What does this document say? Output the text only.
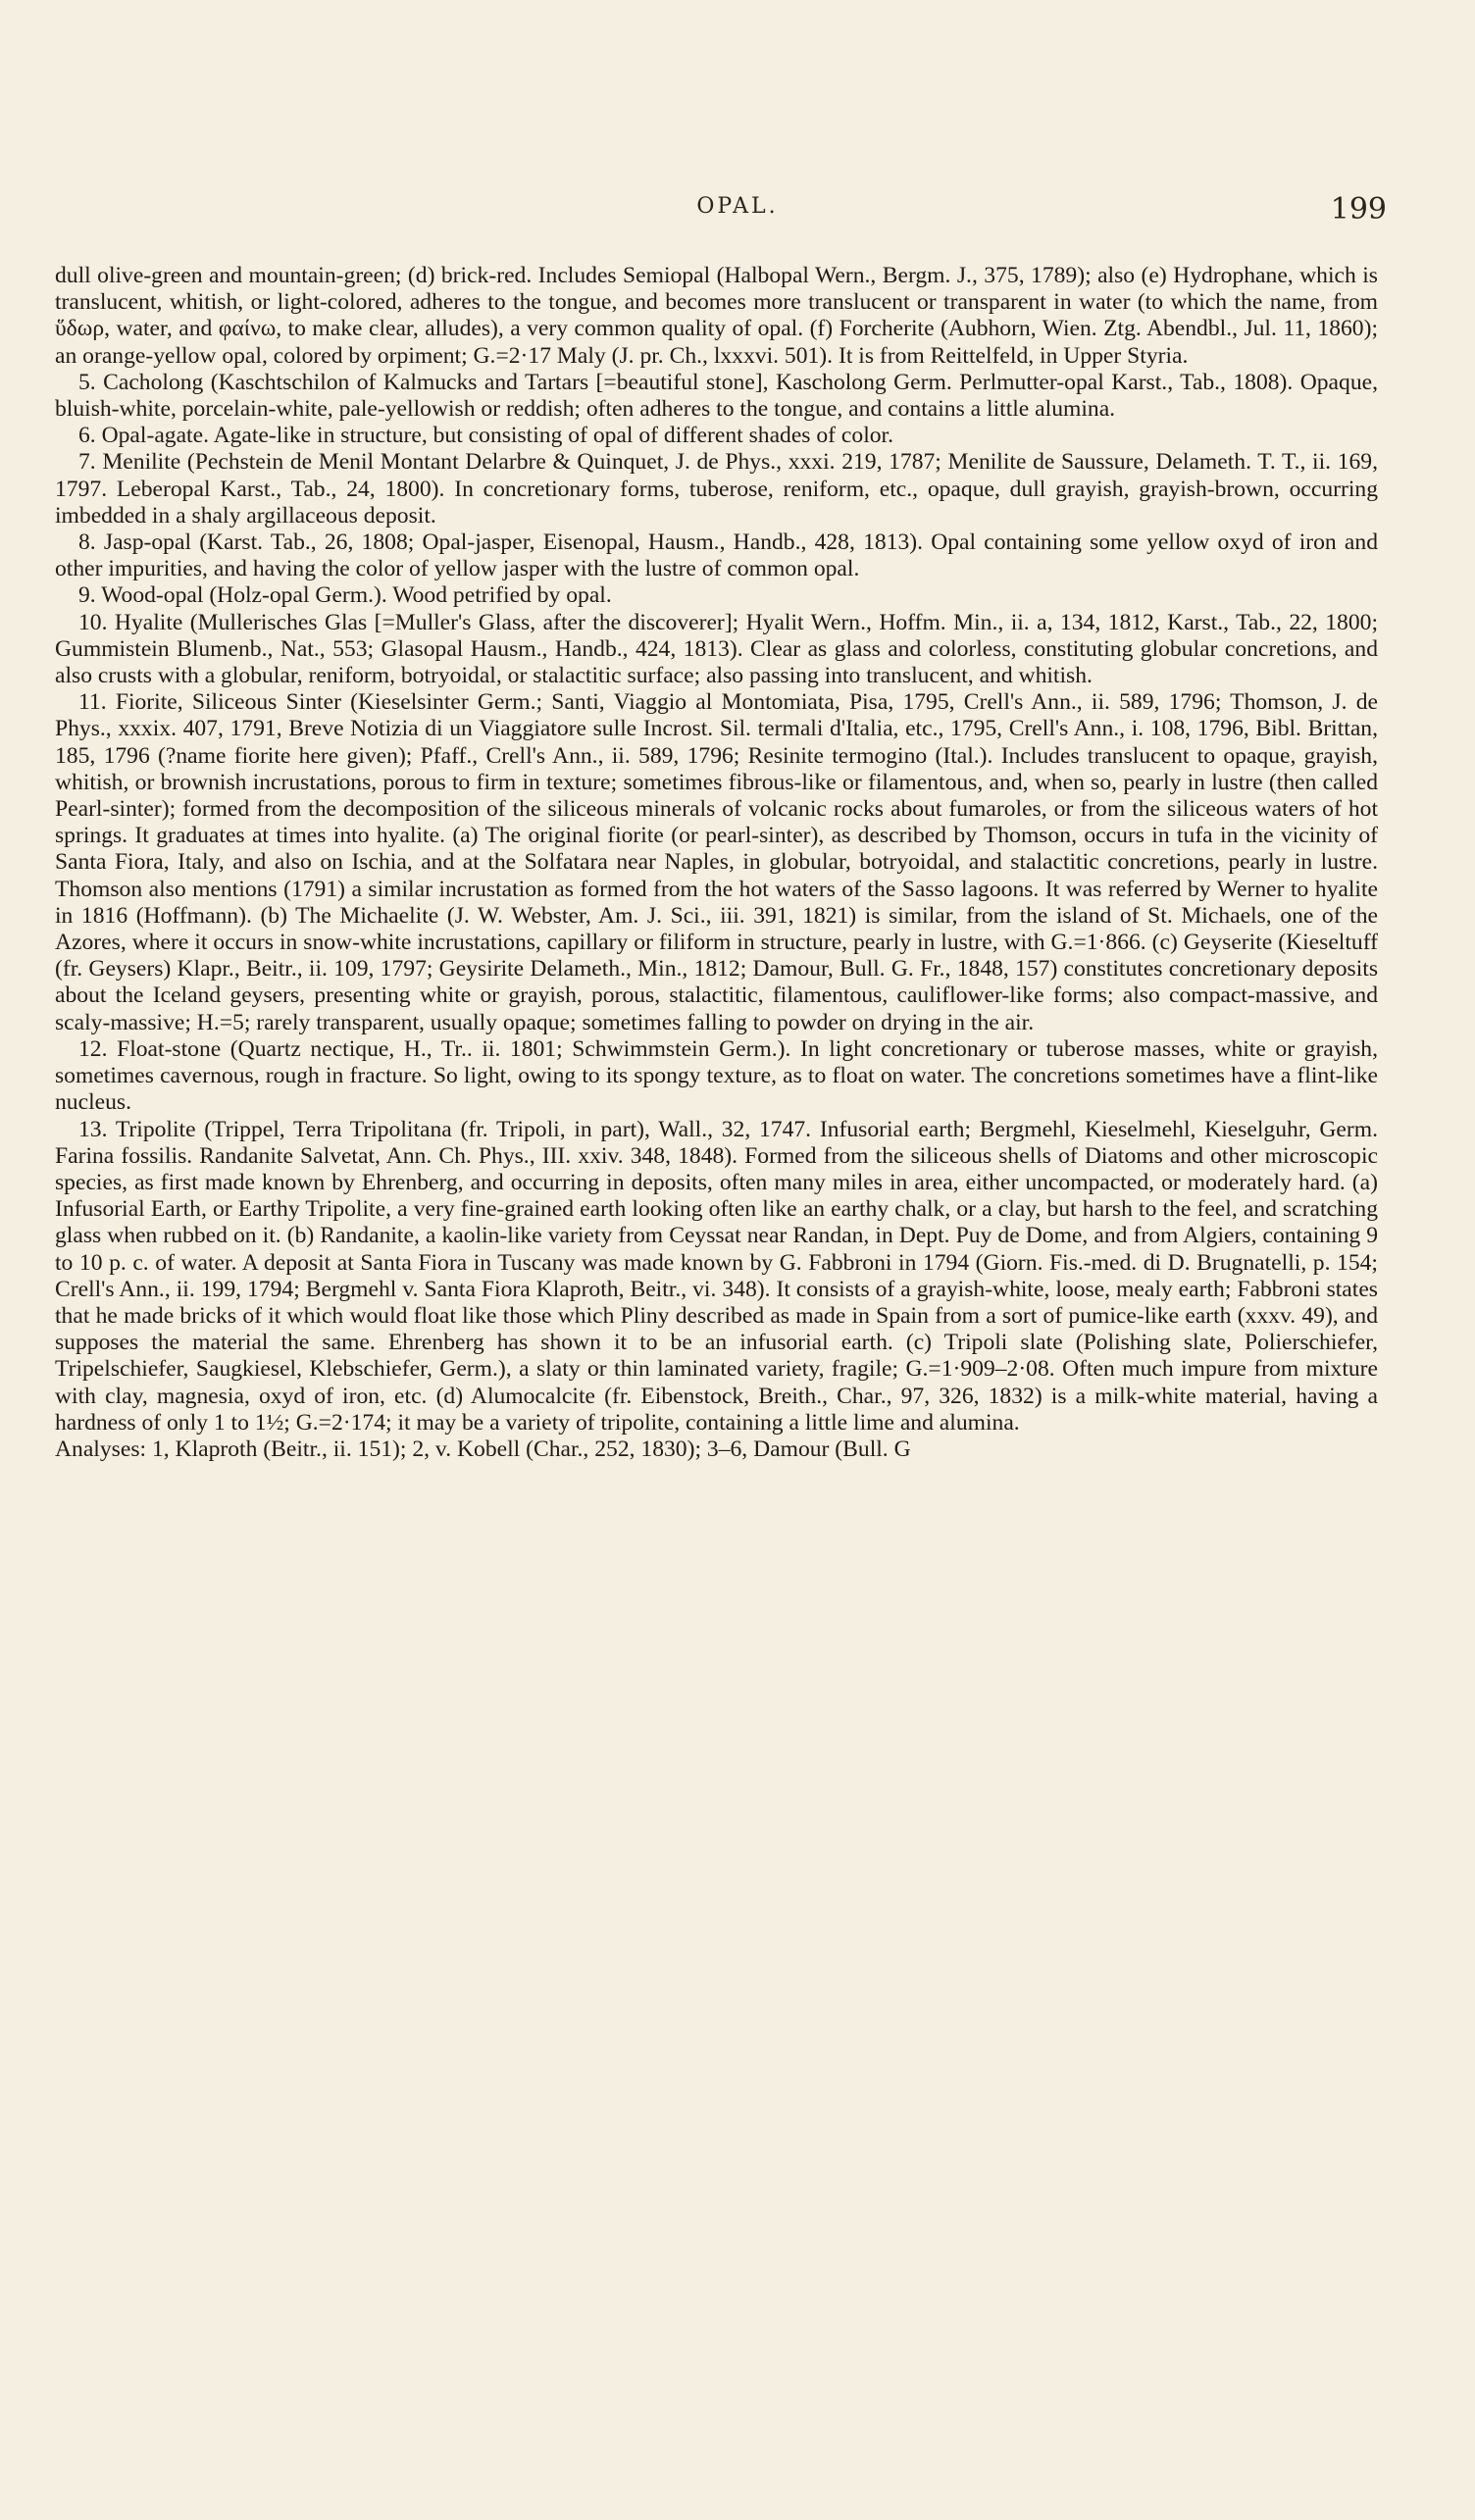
OPAL.	199

dull olive-green and mountain-green; (d) brick-red. Includes Semiopal (Halbopal Wern., Bergm. J., 375, 1789); also (e) Hydrophane, which is translucent, whitish, or light-colored, adheres to the tongue, and becomes more translucent or transparent in water (to which the name, from ὕδωρ, water, and φαίνω, to make clear, alludes), a very common quality of opal. (f) Forcherite (Aubhorn, Wien. Ztg. Abendbl., Jul. 11, 1860); an orange-yellow opal, colored by orpiment; G.=2·17 Maly (J. pr. Ch., lxxxvi. 501). It is from Reittelfeld, in Upper Styria.

5. Cacholong (Kaschtschilon of Kalmucks and Tartars [=beautiful stone], Kascholong Germ. Perlmutter-opal Karst., Tab., 1808). Opaque, bluish-white, porcelain-white, pale-yellowish or reddish; often adheres to the tongue, and contains a little alumina.

6. Opal-agate. Agate-like in structure, but consisting of opal of different shades of color.

7. Menilite (Pechstein de Menil Montant Delarbre & Quinquet, J. de Phys., xxxi. 219, 1787; Menilite de Saussure, Delameth. T. T., ii. 169, 1797. Leberopal Karst., Tab., 24, 1800). In concretionary forms, tuberose, reniform, etc., opaque, dull grayish, grayish-brown, occurring imbedded in a shaly argillaceous deposit.

8. Jasp-opal (Karst. Tab., 26, 1808; Opal-jasper, Eisenopal, Hausm., Handb., 428, 1813). Opal containing some yellow oxyd of iron and other impurities, and having the color of yellow jasper with the lustre of common opal.

9. Wood-opal (Holz-opal Germ.). Wood petrified by opal.

10. Hyalite (Mullerisches Glas [=Muller's Glass, after the discoverer]; Hyalit Wern., Hoffm. Min., ii. a, 134, 1812, Karst., Tab., 22, 1800; Gummistein Blumenb., Nat., 553; Glasopal Hausm., Handb., 424, 1813). Clear as glass and colorless, constituting globular concretions, and also crusts with a globular, reniform, botryoidal, or stalactitic surface; also passing into translucent, and whitish.

11. Fiorite, Siliceous Sinter (Kieselsinter Germ.; Santi, Viaggio al Montomiata, Pisa, 1795, Crell's Ann., ii. 589, 1796; Thomson, J. de Phys., xxxix. 407, 1791, Breve Notizia di un Viaggiatore sulle Incrost. Sil. termali d'Italia, etc., 1795, Crell's Ann., i. 108, 1796, Bibl. Brittan, 185, 1796 (?name fiorite here given); Pfaff., Crell's Ann., ii. 589, 1796; Resinite termogino (Ital.). Includes translucent to opaque, grayish, whitish, or brownish incrustations, porous to firm in texture; sometimes fibrous-like or filamentous, and, when so, pearly in lustre (then called Pearl-sinter); formed from the decomposition of the siliceous minerals of volcanic rocks about fumaroles, or from the siliceous waters of hot springs. It graduates at times into hyalite. (a) The original fiorite (or pearl-sinter), as described by Thomson, occurs in tufa in the vicinity of Santa Fiora, Italy, and also on Ischia, and at the Solfatara near Naples, in globular, botryoidal, and stalactitic concretions, pearly in lustre. Thomson also mentions (1791) a similar incrustation as formed from the hot waters of the Sasso lagoons. It was referred by Werner to hyalite in 1816 (Hoffmann). (b) The Michaelite (J. W. Webster, Am. J. Sci., iii. 391, 1821) is similar, from the island of St. Michaels, one of the Azores, where it occurs in snow-white incrustations, capillary or filiform in structure, pearly in lustre, with G.=1·866. (c) Geyserite (Kieseltuff (fr. Geysers) Klapr., Beitr., ii. 109, 1797; Geysirite Delameth., Min., 1812; Damour, Bull. G. Fr., 1848, 157) constitutes concretionary deposits about the Iceland geysers, presenting white or grayish, porous, stalactitic, filamentous, cauliflower-like forms; also compact-massive, and scaly-massive; H.=5; rarely transparent, usually opaque; sometimes falling to powder on drying in the air.

12. Float-stone (Quartz nectique, H., Tr.. ii. 1801; Schwimmstein Germ.). In light concretionary or tuberose masses, white or grayish, sometimes cavernous, rough in fracture. So light, owing to its spongy texture, as to float on water. The concretions sometimes have a flint-like nucleus.

13. Tripolite (Trippel, Terra Tripolitana (fr. Tripoli, in part), Wall., 32, 1747. Infusorial earth; Bergmehl, Kieselmehl, Kieselguhr, Germ. Farina fossilis. Randanite Salvetat, Ann. Ch. Phys., III. xxiv. 348, 1848). Formed from the siliceous shells of Diatoms and other microscopic species, as first made known by Ehrenberg, and occurring in deposits, often many miles in area, either uncompacted, or moderately hard. (a) Infusorial Earth, or Earthy Tripolite, a very fine-grained earth looking often like an earthy chalk, or a clay, but harsh to the feel, and scratching glass when rubbed on it. (b) Randanite, a kaolin-like variety from Ceyssat near Randan, in Dept. Puy de Dome, and from Algiers, containing 9 to 10 p. c. of water. A deposit at Santa Fiora in Tuscany was made known by G. Fabbroni in 1794 (Giorn. Fis.-med. di D. Brugnatelli, p. 154; Crell's Ann., ii. 199, 1794; Bergmehl v. Santa Fiora Klaproth, Beitr., vi. 348). It consists of a grayish-white, loose, mealy earth; Fabbroni states that he made bricks of it which would float like those which Pliny described as made in Spain from a sort of pumice-like earth (xxxv. 49), and supposes the material the same. Ehrenberg has shown it to be an infusorial earth. (c) Tripoli slate (Polishing slate, Polierschiefer, Tripelschiefer, Saugkiesel, Klebschiefer, Germ.), a slaty or thin laminated variety, fragile; G.=1·909–2·08. Often much impure from mixture with clay, magnesia, oxyd of iron, etc. (d) Alumocalcite (fr. Eibenstock, Breith., Char., 97, 326, 1832) is a milk-white material, having a hardness of only 1 to 1½; G.=2·174; it may be a variety of tripolite, containing a little lime and alumina.

Analyses: 1, Klaproth (Beitr., ii. 151); 2, v. Kobell (Char., 252, 1830); 3–6, Damour (Bull. G
